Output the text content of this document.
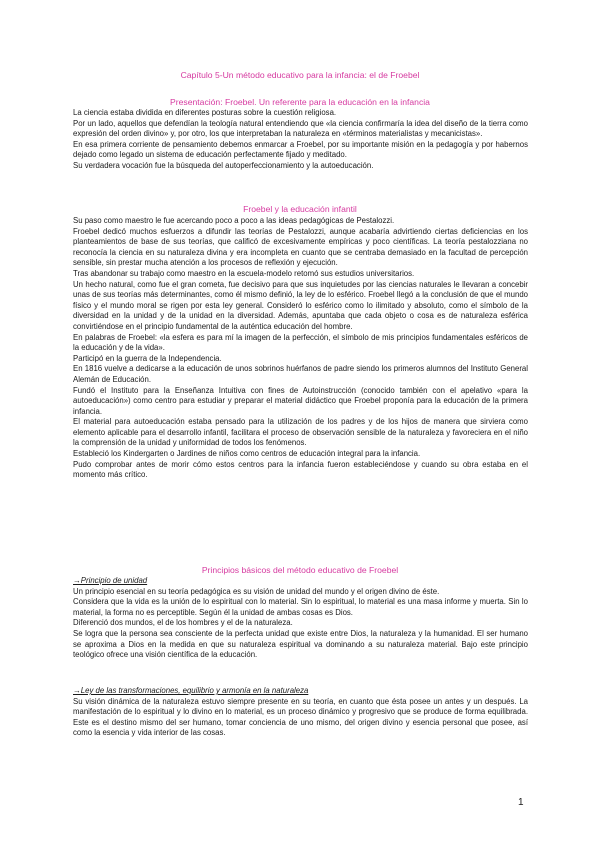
Capítulo 5-Un método educativo para la infancia: el de Froebel
Presentación: Froebel. Un referente para la educación en la infancia

La ciencia estaba dividida en diferentes posturas sobre la cuestión religiosa.

Por un lado, aquellos que defendían la teología natural entendiendo que «la ciencia confirmaría la idea del diseño de la tierra como expresión del orden divino» y, por otro, los que interpretaban la naturaleza en «términos materialistas y mecanicistas».

En esa primera corriente de pensamiento debemos enmarcar a Froebel, por su importante misión en la pedagogía y por habernos dejado como legado un sistema de educación perfectamente fijado y meditado.

Su verdadera vocación fue la búsqueda del autoperfeccionamiento y la autoeducación.

Froebel y la educación infantil

Su paso como maestro le fue acercando poco a poco a las ideas pedagógicas de Pestalozzi.

Froebel dedicó muchos esfuerzos a difundir las teorías de Pestalozzi, aunque acabaría advirtiendo ciertas deficiencias en los planteamientos de base de sus teorías, que calificó de excesivamente empíricas y poco científicas. La teoría pestalozziana no reconocía la ciencia en su naturaleza divina y era incompleta en cuanto que se centraba demasiado en la facultad de percepción sensible, sin prestar mucha atención a los procesos de reflexión y ejecución.

Tras abandonar su trabajo como maestro en la escuela-modelo retomó sus estudios universitarios.

Un hecho natural, como fue el gran cometa, fue decisivo para que sus inquietudes por las ciencias naturales le llevaran a concebir unas de sus teorías más determinantes, como él mismo definió, la ley de lo esférico. Froebel llegó a la conclusión de que el mundo físico y el mundo moral se rigen por esta ley general. Consideró lo esférico como lo ilimitado y absoluto, como el símbolo de la diversidad en la unidad y de la unidad en la diversidad. Además, apuntaba que cada objeto o cosa es de naturaleza esférica convirtiéndose en el principio fundamental de la auténtica educación del hombre.

En palabras de Froebel: «la esfera es para mí la imagen de la perfección, el símbolo de mis principios fundamentales esféricos de la educación y de la vida».

Participó en la guerra de la Independencia.

En 1816 vuelve a dedicarse a la educación de unos sobrinos huérfanos de padre siendo los primeros alumnos del Instituto General Alemán de Educación.

Fundó el Instituto para la Enseñanza Intuitiva con fines de Autoinstrucción (conocido también con el apelativo «para la autoeducación») como centro para estudiar y preparar el material didáctico que Froebel proponía para la educación de la primera infancia.

El material para autoeducación estaba pensado para la utilización de los padres y de los hijos de manera que sirviera como elemento aplicable para el desarrollo infantil, facilitara el proceso de observación sensible de la naturaleza y favoreciera en el niño la comprensión de la unidad y uniformidad de todos los fenómenos.

Estableció los Kindergarten o Jardines de niños como centros de educación integral para la infancia.

Pudo comprobar antes de morir cómo estos centros para la infancia fueron estableciéndose y cuando su obra estaba en el momento más crítico.

Principios básicos del método educativo de Froebel

→Principio de unidad

Un principio esencial en su teoría pedagógica es su visión de unidad del mundo y el origen divino de éste.

Considera que la vida es la unión de lo espiritual con lo material. Sin lo espiritual, lo material es una masa informe y muerta. Sin lo material, la forma no es perceptible. Según él la unidad de ambas cosas es Dios.

Diferenció dos mundos, el de los hombres y el de la naturaleza.

Se logra que la persona sea consciente de la perfecta unidad que existe entre Dios, la naturaleza y la humanidad. El ser humano se aproxima a Dios en la medida en que su naturaleza espiritual va dominando a su naturaleza material. Bajo este principio teológico ofrece una visión científica de la educación.

→Ley de las transformaciones, equilibrio y armonía en la naturaleza

Su visión dinámica de la naturaleza estuvo siempre presente en su teoría, en cuanto que ésta posee un antes y un después. La manifestación de lo espiritual y lo divino en lo material, es un proceso dinámico y progresivo que se produce de forma equilibrada. Este es el destino mismo del ser humano, tomar conciencia de uno mismo, del origen divino y esencia personal que posee, así como la esencia y vida interior de las cosas.

1
